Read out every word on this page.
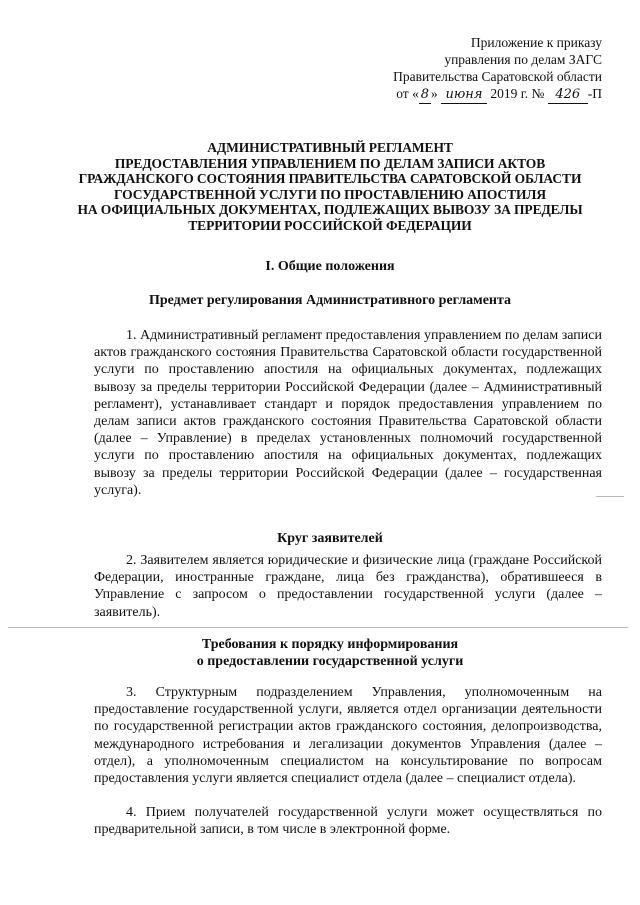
Приложение к приказу
управления по делам ЗАГС
Правительства Саратовской области
от « 8 » июня 2019 г. № 426 -П
АДМИНИСТРАТИВНЫЙ РЕГЛАМЕНТ
ПРЕДОСТАВЛЕНИЯ УПРАВЛЕНИЕМ ПО ДЕЛАМ ЗАПИСИ АКТОВ
ГРАЖДАНСКОГО СОСТОЯНИЯ ПРАВИТЕЛЬСТВА САРАТОВСКОЙ ОБЛАСТИ
ГОСУДАРСТВЕННОЙ УСЛУГИ ПО ПРОСТАВЛЕНИЮ АПОСТИЛЯ
НА ОФИЦИАЛЬНЫХ ДОКУМЕНТАХ, ПОДЛЕЖАЩИХ ВЫВОЗУ ЗА ПРЕДЕЛЫ
ТЕРРИТОРИИ РОССИЙСКОЙ ФЕДЕРАЦИИ
I. Общие положения
Предмет регулирования Административного регламента
1. Административный регламент предоставления управлением по делам записи актов гражданского состояния Правительства Саратовской области государственной услуги по проставлению апостиля на официальных документах, подлежащих вывозу за пределы территории Российской Федерации (далее – Административный регламент), устанавливает стандарт и порядок предоставления управлением по делам записи актов гражданского состояния Правительства Саратовской области (далее – Управление) в пределах установленных полномочий государственной услуги по проставлению апостиля на официальных документах, подлежащих вывозу за пределы территории Российской Федерации (далее – государственная услуга).
Круг заявителей
2. Заявителем является юридические и физические лица (граждане Российской Федерации, иностранные граждане, лица без гражданства), обратившееся в Управление с запросом о предоставлении государственной услуги (далее – заявитель).
Требования к порядку информирования
о предоставлении государственной услуги
3. Структурным подразделением Управления, уполномоченным на предоставление государственной услуги, является отдел организации деятельности по государственной регистрации актов гражданского состояния, делопроизводства, международного истребования и легализации документов Управления (далее – отдел), а уполномоченным специалистом на консультирование по вопросам предоставления услуги является специалист отдела (далее – специалист отдела).
4. Прием получателей государственной услуги может осуществляться по предварительной записи, в том числе в электронной форме.
